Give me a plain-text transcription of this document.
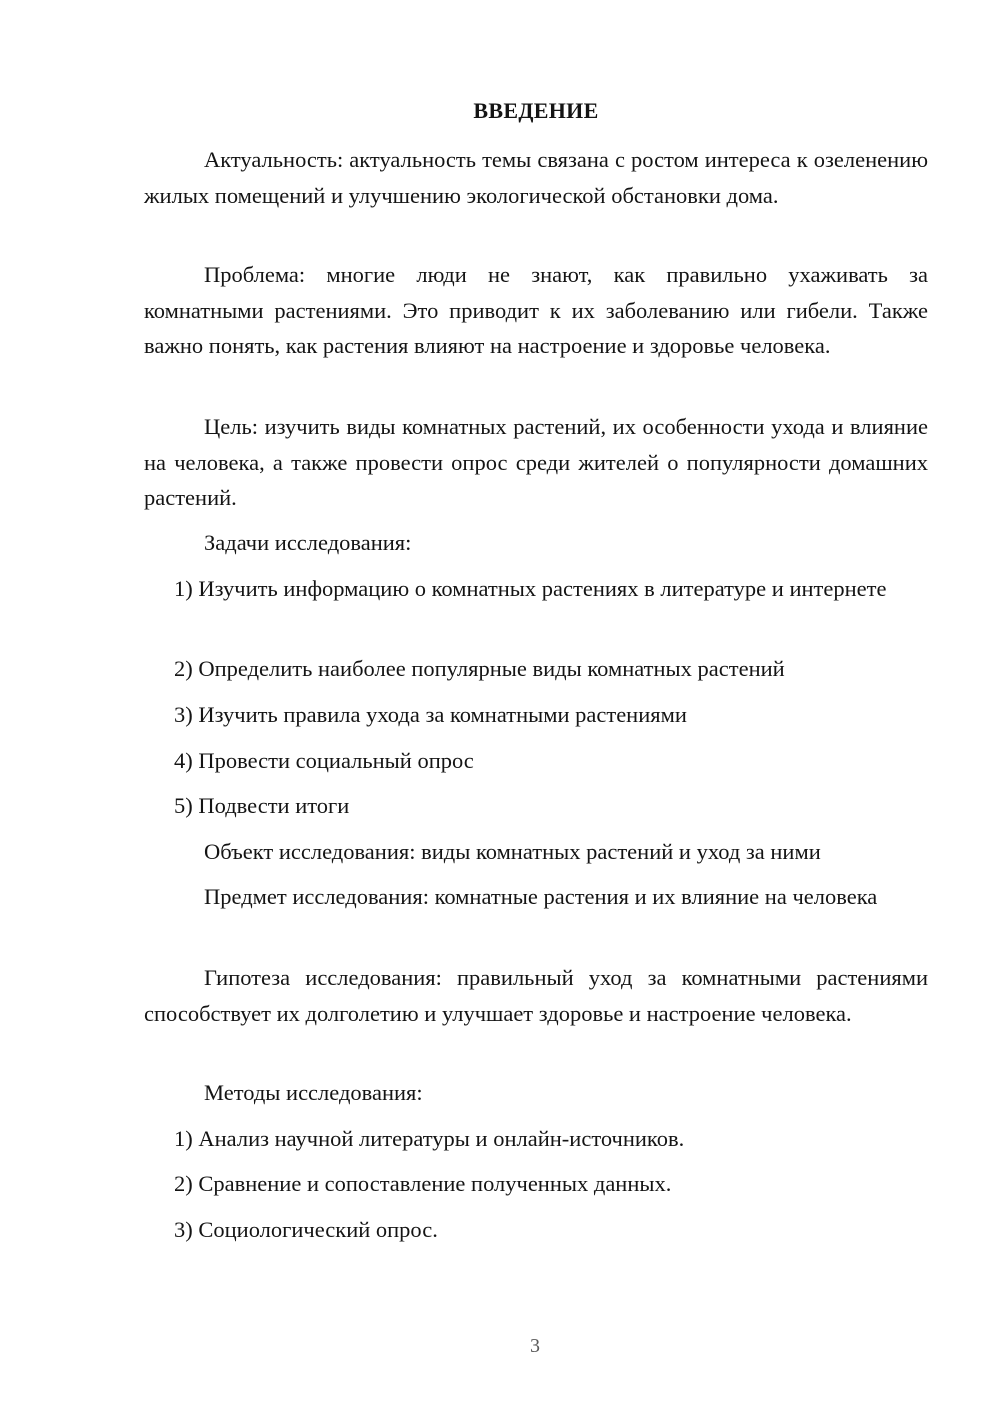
ВВЕДЕНИЕ

Актуальность: актуальность темы связана с ростом интереса к озеленению жилых помещений и улучшению экологической обстановки дома.

Проблема: многие люди не знают, как правильно ухаживать за комнатными растениями. Это приводит к их заболеванию или гибели. Также важно понять, как растения влияют на настроение и здоровье человека.

Цель: изучить виды комнатных растений, их особенности ухода и влияние на человека, а также провести опрос среди жителей о популярности домашних растений.

Задачи исследования:

1) Изучить информацию о комнатных растениях в литературе и интернете

2) Определить наиболее популярные виды комнатных растений

3) Изучить правила ухода за комнатными растениями

4) Провести социальный опрос

5) Подвести итоги

Объект исследования: виды комнатных растений и уход за ними

Предмет исследования: комнатные растения и их влияние на человека

Гипотеза исследования: правильный уход за комнатными растениями способствует их долголетию и улучшает здоровье и настроение человека.

Методы исследования:

1) Анализ научной литературы и онлайн-источников.

2) Сравнение и сопоставление полученных данных.

3) Социологический опрос.

3
